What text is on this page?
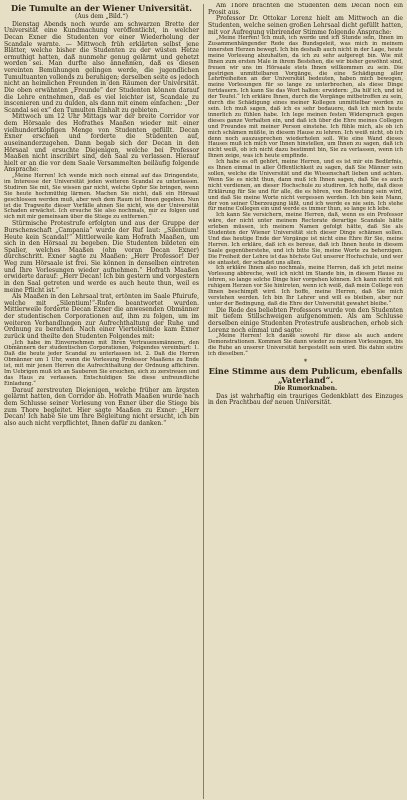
Die Tumulte an der Wiener Universität.
(Aus dem „Bild.“)

Dienstag Abends noch wurde am schwarzen Brette der Universität eine Kundmachung veröffentlicht, in welcher Decan Exner die Studenten vor einer Wiederholung der Scandale warnte. — Mittwoch früh erklärten selbst jene Blätter, welche bisher die Studenten zu der wüsten Hetze ermuthigt hatten, daß nunmehr genug gelärmt und gehetzt worden sei. Man durfte also annehmen, daß es diesen vereinten Bemühungen gelingen werde, die jugendlichen Tumultuanten vollends zu beruhigen; derselben seite es jedoch nicht an heimlichen Freunden in den Räumen der Universität. Die oben erwähnten „Freunde“ der Studenten können darauf die Lehre entnehmen, daß es viel leichter ist, Scandale zu inscenieren und zu dulden, als dann mit einem einfachen: „Der Scandal sei ex“ den Tumulten Einhalt zu gebieten.

Mittwoch um 12 Uhr Mittags war der breite Corridor vor dem Hörsaale des Hofrathes Maaßen wieder mit einer vielhundertköpfigen Menge von Studenten gefüllt. Decan Exner erschien und forderte die Studenten auf, auseinanderzugehen. Dann begab sich der Decan in den Hörsaal und ersuchte Diejenigen, welche bei Professor Maaßen nicht inscribirt sind, den Saal zu verlassen. Hierauf hielt er an die vor dem Saale Versammelten beiläufig folgende Ansprache:

„Meine Herren! Ich wende mich noch einmal auf das Dringendste, im Interesse der Universität jeden weiteren Scandal zu unterlassen. Studiren Sie mit, Sie wissen gar nicht, welche Opfer Sie bringen, wenn Sie heute hochmüthig lärmen. Machen Sie nicht, daß ein Hörsaal geschlossen werden muß, aber weh dem Raum ist Ihnen gegeben. Nun ist die Tragweite dieser Vorfälle ahnen Sie nicht, wie der Universität Schaden erwächst. Ich ersuche Sie also nochmals, mir zu folgen und sich mit mir gemeinsam über die Stiege zu entfernen.“

Stürmische Protestrufe erfolgten und aus der Gruppe der Burschenschaft „Campania“ wurde der Ruf laut: „Silentium! Heute kein Scandal!“ Mittlerweile kam Hofrath Maaßen, um sich in den Hörsaal zu begeben. Die Studenten bildeten ein Spalier, welches Maaßen (ohn voran Decan Exner) durchschritt. Exner sagte zu Maaßen: „Herr Professor! Der Weg zum Hörsaale ist frei. Sie können in denselben eintreten und Ihre Vorlesungen wieder aufnehmen.“ Hofrath Maaßen erwiderte darauf: „Herr Decan! Ich bin gestern und vorgestern in den Saal getreten und werde es auch heute thun, weil es meine Pflicht ist.“

Als Maaßen in den Lehrsaal trat, ertönten im Saale Pfuirufe, welche mit „Silentium!“-Rufen beantwortet wurden. Mittlerweile forderte Decan Exner die anwesenden Obmänner der studentischen Corporationen auf, ihm zu folgen, um im weiteren Verhandlungen zur Aufrechthaltung der Ruhe und Ordnung zu berathen. Nach einer Viertelstunde kam Exner zurück und theilte den Studenten Folgendes mit:

„Ich habe im Einvernehmen mit Ihren Vertrauensmännern, den Obmännern der studentischen Corporationen, Folgendes vereinbart: 1. Daß die heute jeder Scandal zu unterlassen ist. 2. Daß die Herren Obmänner um 1 Uhr, wenn die Vorlesung Professor Maaßens zu Ende ist, mit mir jenen Herren die Aufrechthaltung der Ordnung affichiren. Im Uebrigen muß ich an Sauberen Sie ersuchen, sich zu zerstreuen und das Haus zu verlassen. Entschuldigen Sie diese unfreundliche Einladung.“

Darauf zerstreuten Diejenigen, welche früher am ärgsten gelärmt hatten, den Corridor ab. Hofrath Maaßen wurde nach dem Schlusse seiner Vorlesung von Exner über die Stiege bis zum Thore begleitet. Hier sagte Maaßen zu Exner: „Herr Decan! Ich habe Sie um Ihre Begleitung nicht ersucht, ich bin also auch nicht verpflichtet, Ihnen dafür zu danken.“

Am Thore brachten die Studenten dem Decan noch ein Prosit aus.

Professor Dr. Ottokar Lorenz hielt am Mittwoch an die Studenten, welche seinen großen Lehrsaal dicht gefüllt hatten, mit vor Aufregung vibrirender Stimme folgende Ansprache:

„Meine Herren! Ich muß, ich werde und ich Stunde sein, Ihnen im Zusammenhängender Rede das Bundsgeleit, was mich in meinem innersten Herzen bewegt. Ich bin deshalb auch nicht in der Lage, heute meine Vorlesung abzuhalten, da ich zu sehr aufgeregt bin. Wie mit Ihnen zum ersten Male in ihrem Bestehen, die wir bisher gewöhnt sind, freuen wir uns im Hörsaale stets Ihnen willkommen zu sein. Die gestrigen unmittelbaren Vorgänge, die eine Schädigung aller Lehrfreiheiten an der Universität bedeuten, haben mich bewogen, meine Vorlesungen für so lange zu unterbrechen, als diese Dinge fortdauern. Ich kann Sie das Wort halten: erwidern: „Da hilf ich, und ist der Teufel.“ Ich erkläre Ihnen, durch die Vorgänge mitbetroffen zu sein, durch die Schädigung eines meiner Kollegen unmittelbar worden zu sein. Ich muß sagen, daß ich es sehr bedauere, daß ich mich heute innerlich zu fühlen habe. Ich lege meinen festen Widerspruch gegen dieses ganze Verhalten ein, und daß ich über die Ehre meines Collegen und Freundes mit meiner Person einstehe. Ich fühle mich, als ob ich mich schämen müßte, in diesem Hause zu lehren. Ich weiß nicht, ob ich denn noch auszusprechen wiederholen soll. Wie eine Wand dieses Hauses muß ich mich vor Ihnen hinstellen, um Ihnen zu sagen, daß ich nicht weiß, ob ich nicht dazu bestimmt bin, Sie zu verlassen, wenn ich Ihnen zeige, was ich heute empfinde.

Ich habe es oft gehört, meine Herren, und es ist mir ein Bedürfnis, es Ihnen einmal in aller Öffentlichkeit zu sagen, daß Sie Männer sein sollen, welche die Universität und die Wissenschaft lieben und achten. Wenn Sie es nicht thun, dann muß ich Ihnen sagen, daß Sie es auch nicht verdienen, an dieser Hochschule zu studiren. Ich hoffe, daß diese Erklärung für Sie und für alle, die es hören, von Bedeutung sein wird, und daß Sie meine Worte nicht vergessen werden. Ich bin kein Mann, der von seiner Überzeugung läßt, und ich werde es nie sein. Ich stehe für meine Collegen ein und werde es immer thun, so lange ich lebe.

Ich kann Sie versichern, meine Herren, daß, wenn es ein Professor wäre, der nicht unter meinem Rectorate derartige Scandale hätte erleben müssen, ich meinem Namen gefolgt hätte, daß Sie als Studenten der Wiener Universität sich dieser Dinge schämen sollen. Und das heutige Ende der Vorgänge ist nicht eine Ehre für Sie, meine Herren. Ich erkläre, daß ich es bereue, daß ich Ihnen heute in diesem Saale gegenüberstehe, und ich bitte Sie, meine Worte zu beherzigen. Die Freiheit der Lehre ist das höchste Gut unserer Hochschule, und wer sie antastet, der schadet uns allen.

Ich erkläre Ihnen also nochmals, meine Herren, daß ich jetzt meine Vorlesung abbreche, weil ich nicht im Stande bin, in diesem Hause zu lehren, so lange solche Dinge hier vorgehen können. Ich kann nicht mit ruhigem Herzen vor Sie hintreten, wenn ich weiß, daß mein College von Ihnen beschimpft wird. Ich hoffe, meine Herren, daß Sie mich verstehen werden. Ich bin Ihr Lehrer und will es bleiben, aber nur unter der Bedingung, daß die Ehre der Universität gewahrt bleibe.“

Die Rede des beliebten Professors wurde von den Studenten mit tiefem Stillschweigen aufgenommen. Als am Schlusse derselben einige Studenten Protestrufe ausbrachen, erhob sich Lorenz noch einmal und sagte:

„Meine Herren! Ich danke sowohl für diese als auch andere Demonstrationen. Kommen Sie dann wieder zu meinen Vorlesungen, bis die Ruhe an unserer Universität hergestellt sein wird. Bis dahin sistire ich dieselben.“

*
Eine Stimme aus dem Publicum, ebenfalls „Vaterland“.
Die Rumorknaben.

Das ist wahrhaftig ein trauriges Gedenkblatt des Einzuges in den Prachtbau der neuen Universität.
